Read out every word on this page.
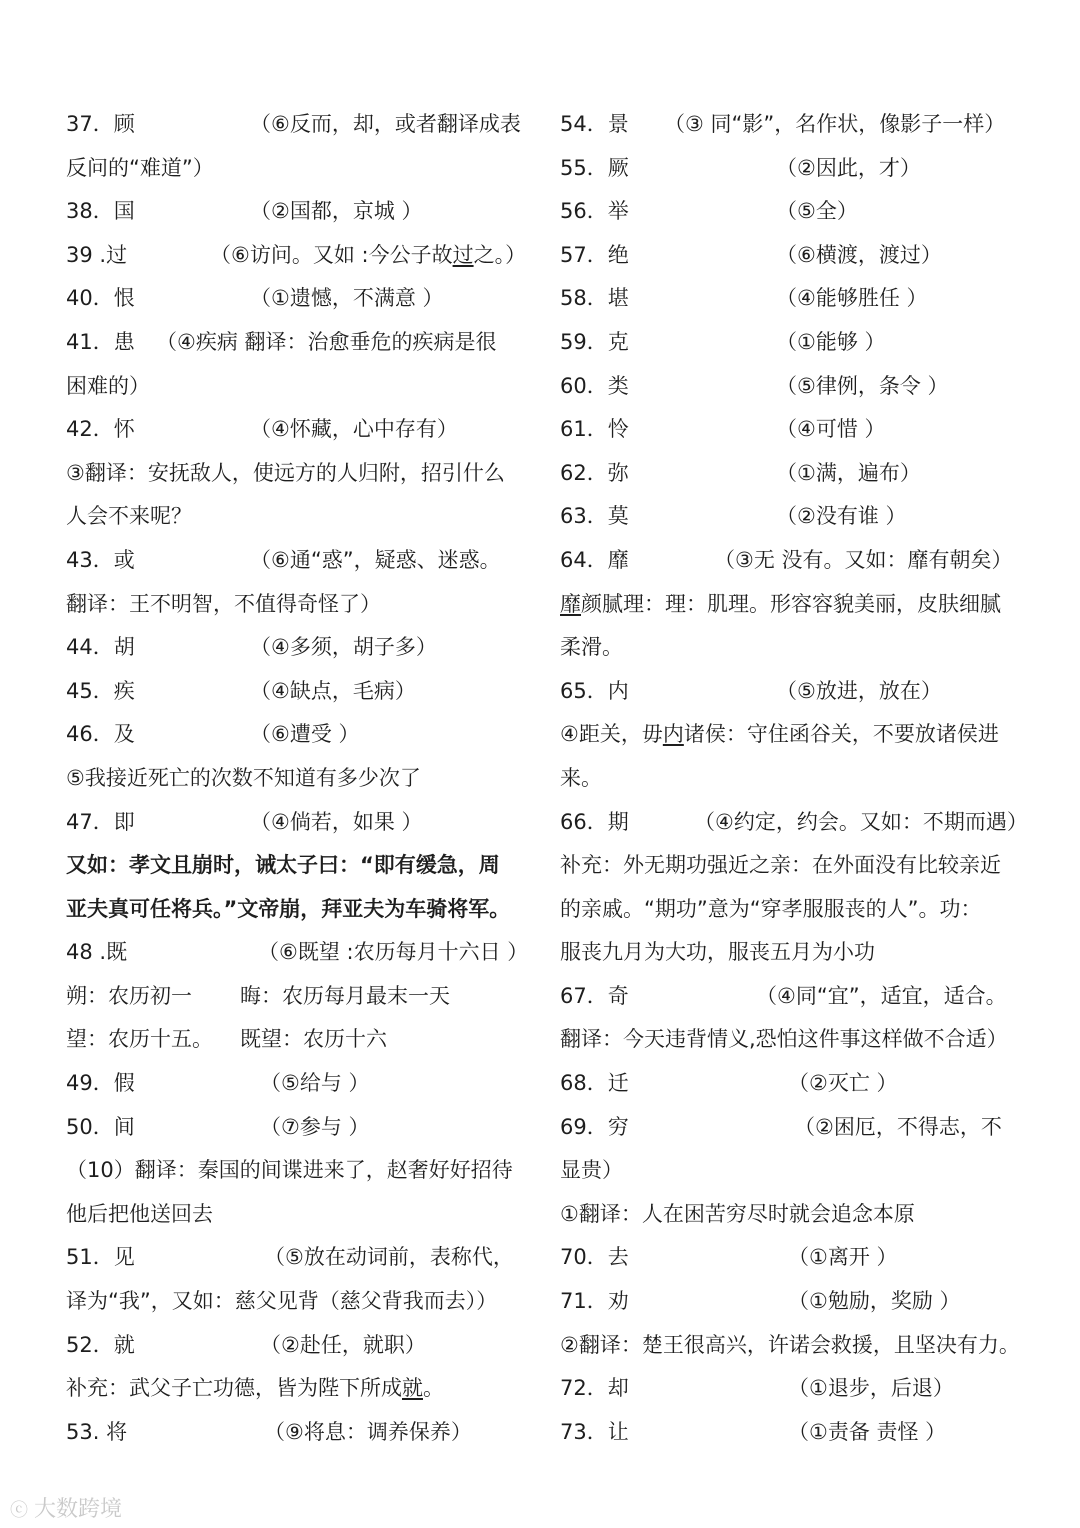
37．顾	（⑥反而，却，或者翻译成表
反问的“难道”）
38．国	（②国都，京城 ）
39 .过	（⑥访问。又如 :今公子故过之。）
40．恨	（①遗憾，不满意 ）
41．患 （④疾病 翻译：治愈垂危的疾病是很
困难的）
42．怀	（④怀藏，心中存有）
③翻译：安抚敌人，使远方的人归附，招引什么
人会不来呢？
43．或	（⑥通“惑”，疑惑、迷惑。
翻译：王不明智，不值得奇怪了）
44．胡	（④多须，胡子多）
45．疾	（④缺点，毛病）
46．及	（⑥遭受 ）
⑤我接近死亡的次数不知道有多少次了
47．即	（④倘若，如果 ）
又如：孝文且崩时，诫太子曰：“即有缓急，周
亚夫真可任将兵。”文帝崩，拜亚夫为车骑将军。
48 .既	（⑥既望 :农历每月十六日 ）
朔：农历初一 晦：农历每月最末一天
望：农历十五。 既望：农历十六
49．假	（⑤给与 ）
50．间	（⑦参与 ）
（10）翻译：秦国的间谍进来了，赵奢好好招待
他后把他送回去
51．见	（⑤放在动词前，表称代，
译为“我”，又如：慈父见背（慈父背我而去））
52．就	（②赴任，就职）
补充：武父子亡功德，皆为陛下所成就。
53. 将	（⑨将息：调养保养）
54．景 （③ 同“影”，名作状，像影子一样）
55．厥	（②因此，才）
56．举	（⑤全）
57．绝	（⑥横渡，渡过）
58．堪	（④能够胜任 ）
59．克	（①能够 ）
60．类	（⑤律例，条令 ）
61．怜	（④可惜 ）
62．弥	（①满，遍布）
63．莫	（②没有谁 ）
64．靡	（③无 没有。又如：靡有朝矣）
靡颜腻理：理：肌理。形容容貌美丽，皮肤细腻
柔滑。
65．内	（⑤放进，放在）
④距关，毋内诸侯：守住函谷关，不要放诸侯进
来。
66．期	（④约定，约会。又如：不期而遇）
补充：外无期功强近之亲：在外面没有比较亲近
的亲戚。“期功”意为“穿孝服服丧的人”。功：
服丧九月为大功，服丧五月为小功
67．奇	（④同“宜”，适宜，适合。
翻译：今天违背情义,恐怕这件事这样做不合适）
68．迁	（②灭亡 ）
69．穷	（②困厄，不得志，不
显贵）
①翻译：人在困苦穷尽时就会追念本原
70．去	（①离开 ）
71．劝	（①勉励，奖励 ）
②翻译：楚王很高兴，许诺会救援，且坚决有力。
72．却	（①退步，后退）
73．让	（①责备 责怪 ）
ⓒ 大数跨境
